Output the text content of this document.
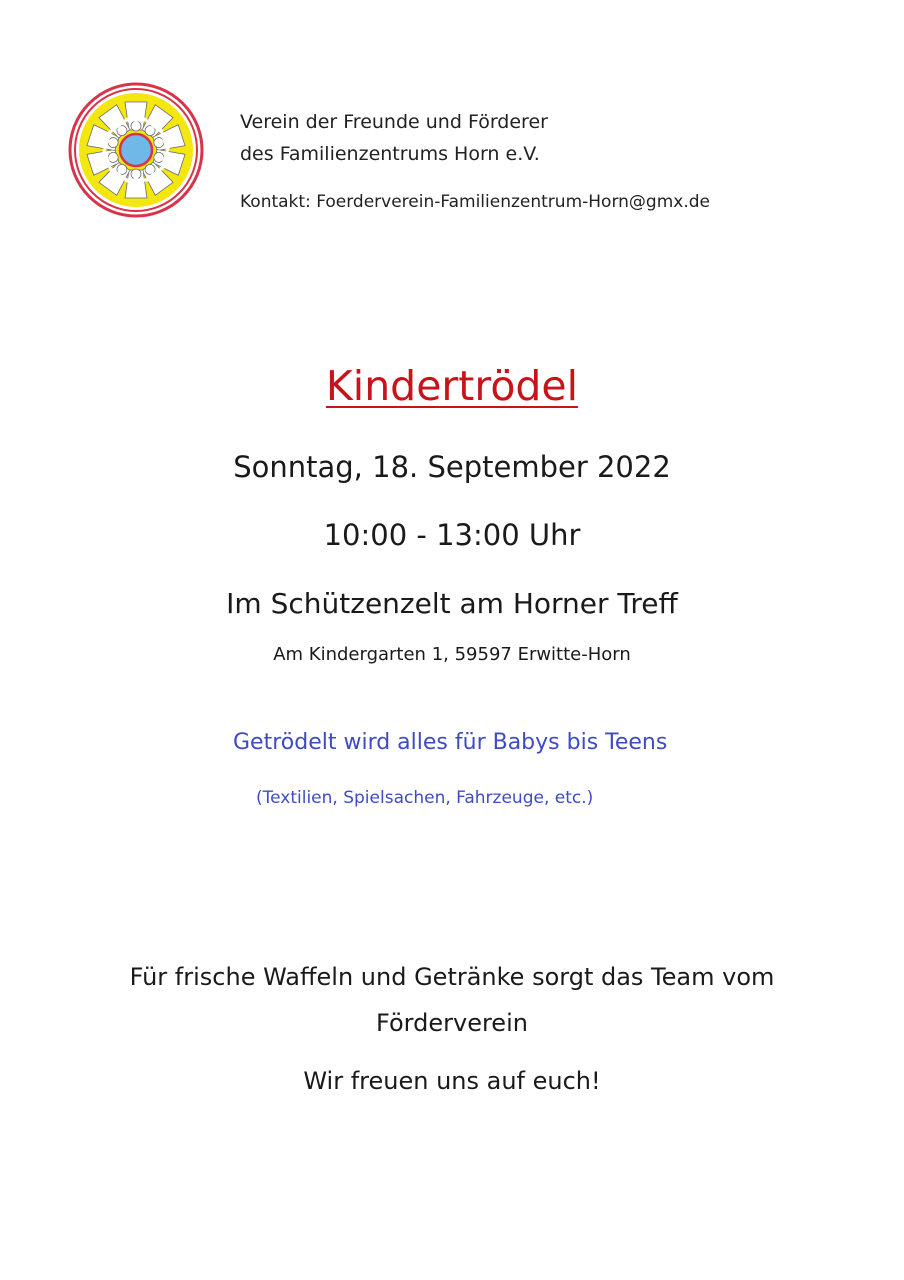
Verein der Freunde und Förderer
des Familienzentrums Horn e.V.
Kontakt: Foerderverein-Familienzentrum-Horn@gmx.de
Kindertrödel
Sonntag, 18. September 2022
10:00 - 13:00 Uhr
Im Schützenzelt am Horner Treff
Am Kindergarten 1, 59597 Erwitte-Horn
Getrödelt wird alles für Babys bis Teens
(Textilien, Spielsachen, Fahrzeuge, etc.)
Für frische Waffeln und Getränke sorgt das Team vom
Förderverein
Wir freuen uns auf euch!
